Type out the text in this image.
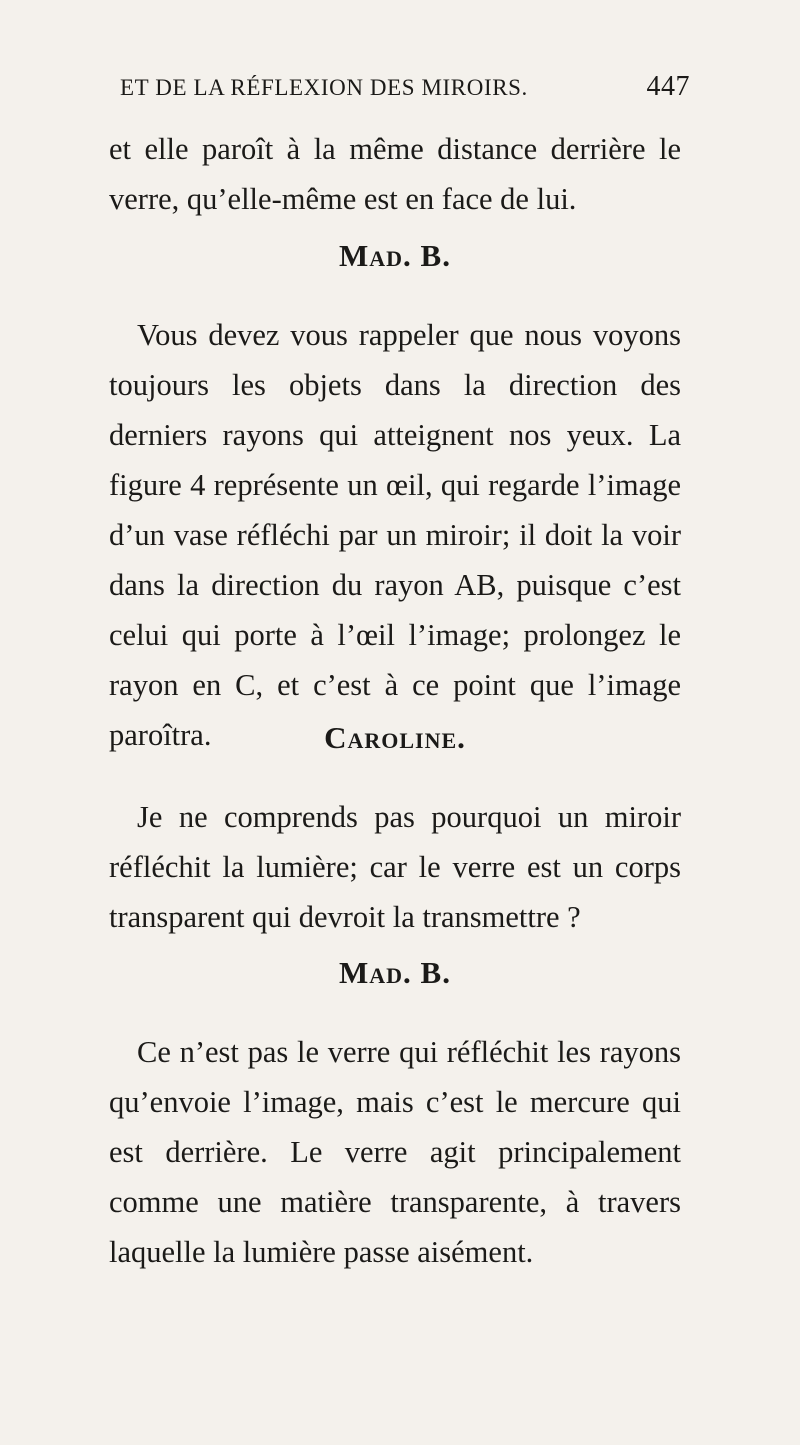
ET DE LA RÉFLEXION DES MIROIRS.	447

et elle paroît à la même distance derrière le verre, qu’elle-même est en face de lui.

Mad. B.

Vous devez vous rappeler que nous voyons toujours les objets dans la direction des derniers rayons qui atteignent nos yeux. La figure 4 représente un œil, qui regarde l’image d’un vase réfléchi par un miroir; il doit la voir dans la direction du rayon AB, puisque c’est celui qui porte à l’œil l’image; prolongez le rayon en C, et c’est à ce point que l’image paroîtra.	Caroline.

Je ne comprends pas pourquoi un miroir réfléchit la lumière; car le verre est un corps transparent qui devroit la transmettre ?

Mad. B.

Ce n’est pas le verre qui réfléchit les rayons qu’envoie l’image, mais c’est le mercure qui est derrière. Le verre agit principalement comme une matière transparente, à travers laquelle la lumière passe aisément.
